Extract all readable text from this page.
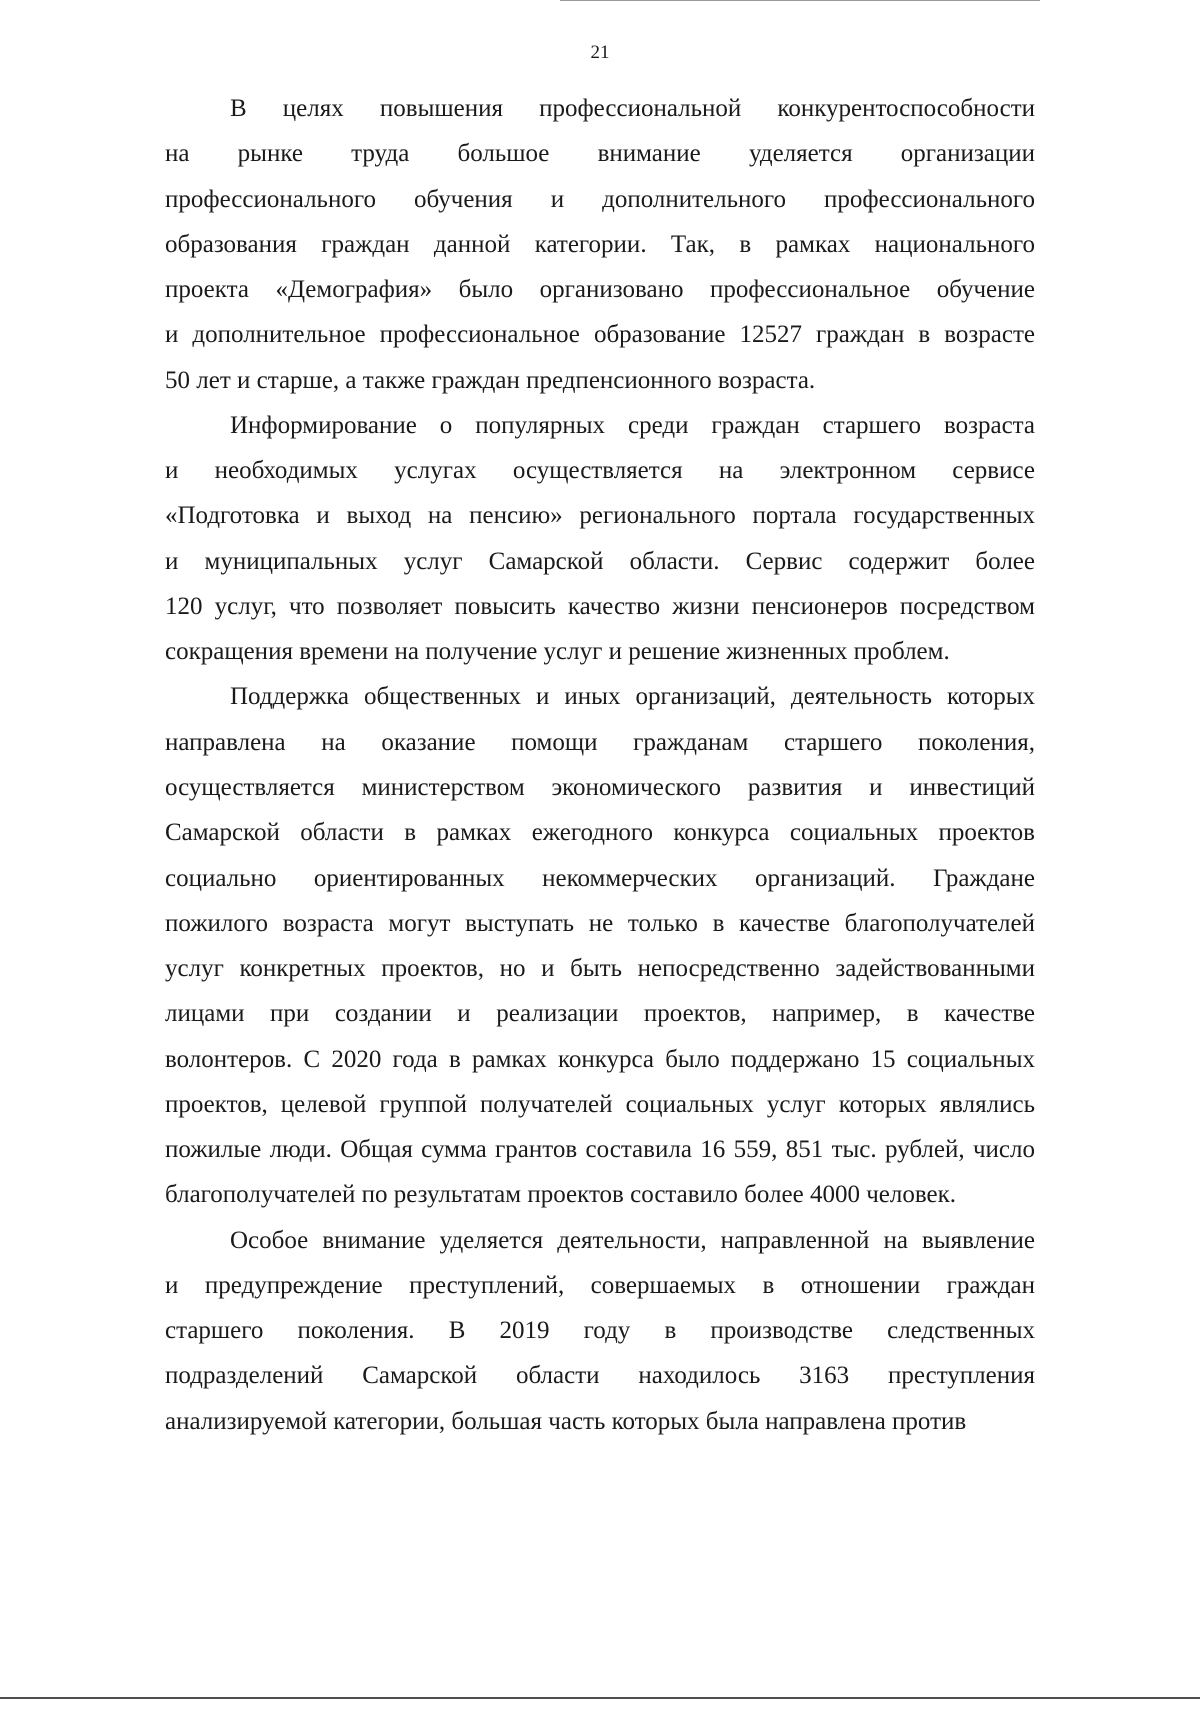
21
В целях повышения профессиональной конкурентоспособности
на рынке труда большое внимание уделяется организации
профессионального обучения и дополнительного профессионального
образования граждан данной категории. Так, в рамках национального
проекта «Демография» было организовано профессиональное обучение
и дополнительное профессиональное образование 12527 граждан в возрасте
50 лет и старше, а также граждан предпенсионного возраста.
Информирование о популярных среди граждан старшего возраста
и необходимых услугах осуществляется на электронном сервисе
«Подготовка и выход на пенсию» регионального портала государственных
и муниципальных услуг Самарской области. Сервис содержит более
120 услуг, что позволяет повысить качество жизни пенсионеров посредством
сокращения времени на получение услуг и решение жизненных проблем.
Поддержка общественных и иных организаций, деятельность которых
направлена на оказание помощи гражданам старшего поколения,
осуществляется министерством экономического развития и инвестиций
Самарской области в рамках ежегодного конкурса социальных проектов
социально ориентированных некоммерческих организаций. Граждане
пожилого возраста могут выступать не только в качестве благополучателей
услуг конкретных проектов, но и быть непосредственно задействованными
лицами при создании и реализации проектов, например, в качестве
волонтеров. С 2020 года в рамках конкурса было поддержано 15 социальных
проектов, целевой группой получателей социальных услуг которых являлись
пожилые люди. Общая сумма грантов составила 16 559, 851 тыс. рублей, число
благополучателей по результатам проектов составило более 4000 человек.
Особое внимание уделяется деятельности, направленной на выявление
и предупреждение преступлений, совершаемых в отношении граждан
старшего поколения. В 2019 году в производстве следственных
подразделений Самарской области находилось 3163 преступления
анализируемой категории, большая часть которых была направлена против
